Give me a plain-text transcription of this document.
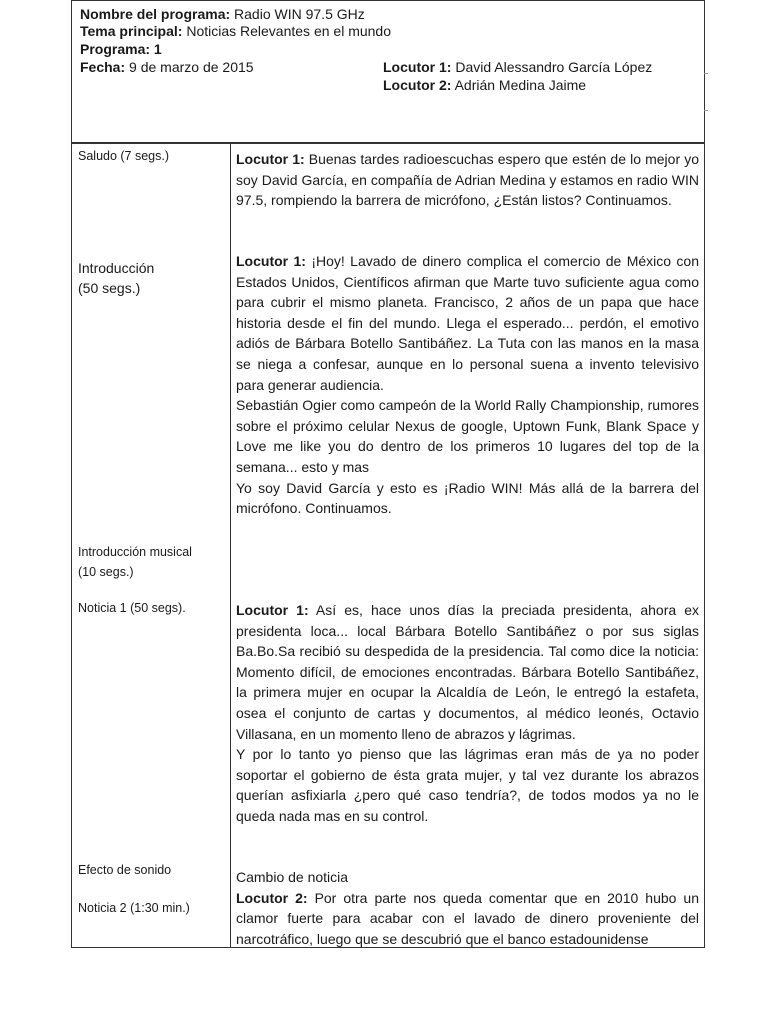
Nombre del programa: Radio WIN 97.5 GHz
Tema principal: Noticias Relevantes en el mundo
Programa: 1
Fecha: 9 de marzo de 2015	Locutor 1: David Alessandro García López
Locutor 2: Adrián Medina Jaime
Saludo (7 segs.)
Introducción
(50 segs.)
Introducción musical
(10 segs.)
Noticia 1 (50 segs).
Efecto de sonido
Noticia 2 (1:30 min.)
Locutor 1: Buenas tardes radioescuchas espero que estén de lo mejor yo soy David García, en compañía de Adrian Medina y estamos en radio WIN 97.5, rompiendo la barrera de micrófono, ¿Están listos? Continuamos.
Locutor 1: ¡Hoy! Lavado de dinero complica el comercio de México con Estados Unidos, Científicos afirman que Marte tuvo suficiente agua como para cubrir el mismo planeta. Francisco, 2 años de un papa que hace historia desde el fin del mundo. Llega el esperado... perdón, el emotivo adiós de Bárbara Botello Santibáñez. La Tuta con las manos en la masa se niega a confesar, aunque en lo personal suena a invento televisivo para generar audiencia.
Sebastián Ogier como campeón de la World Rally Championship, rumores sobre el próximo celular Nexus de google, Uptown Funk, Blank Space y Love me like you do dentro de los primeros 10 lugares del top de la semana... esto y mas
Yo soy David García y esto es ¡Radio WIN! Más allá de la barrera del micrófono. Continuamos.
Locutor 1: Así es, hace unos días la preciada presidenta, ahora ex presidenta loca... local Bárbara Botello Santibáñez o por sus siglas Ba.Bo.Sa recibió su despedida de la presidencia. Tal como dice la noticia: Momento difícil, de emociones encontradas. Bárbara Botello Santibáñez, la primera mujer en ocupar la Alcaldía de León, le entregó la estafeta, osea el conjunto de cartas y documentos, al médico leonés, Octavio Villasana, en un momento lleno de abrazos y lágrimas.
Y por lo tanto yo pienso que las lágrimas eran más de ya no poder soportar el gobierno de ésta grata mujer, y tal vez durante los abrazos querían asfixiarla ¿pero qué caso tendría?, de todos modos ya no le queda nada mas en su control.
Cambio de noticia
Locutor 2: Por otra parte nos queda comentar que en 2010 hubo un clamor fuerte para acabar con el lavado de dinero proveniente del narcotráfico, luego que se descubrió que el banco estadounidense
